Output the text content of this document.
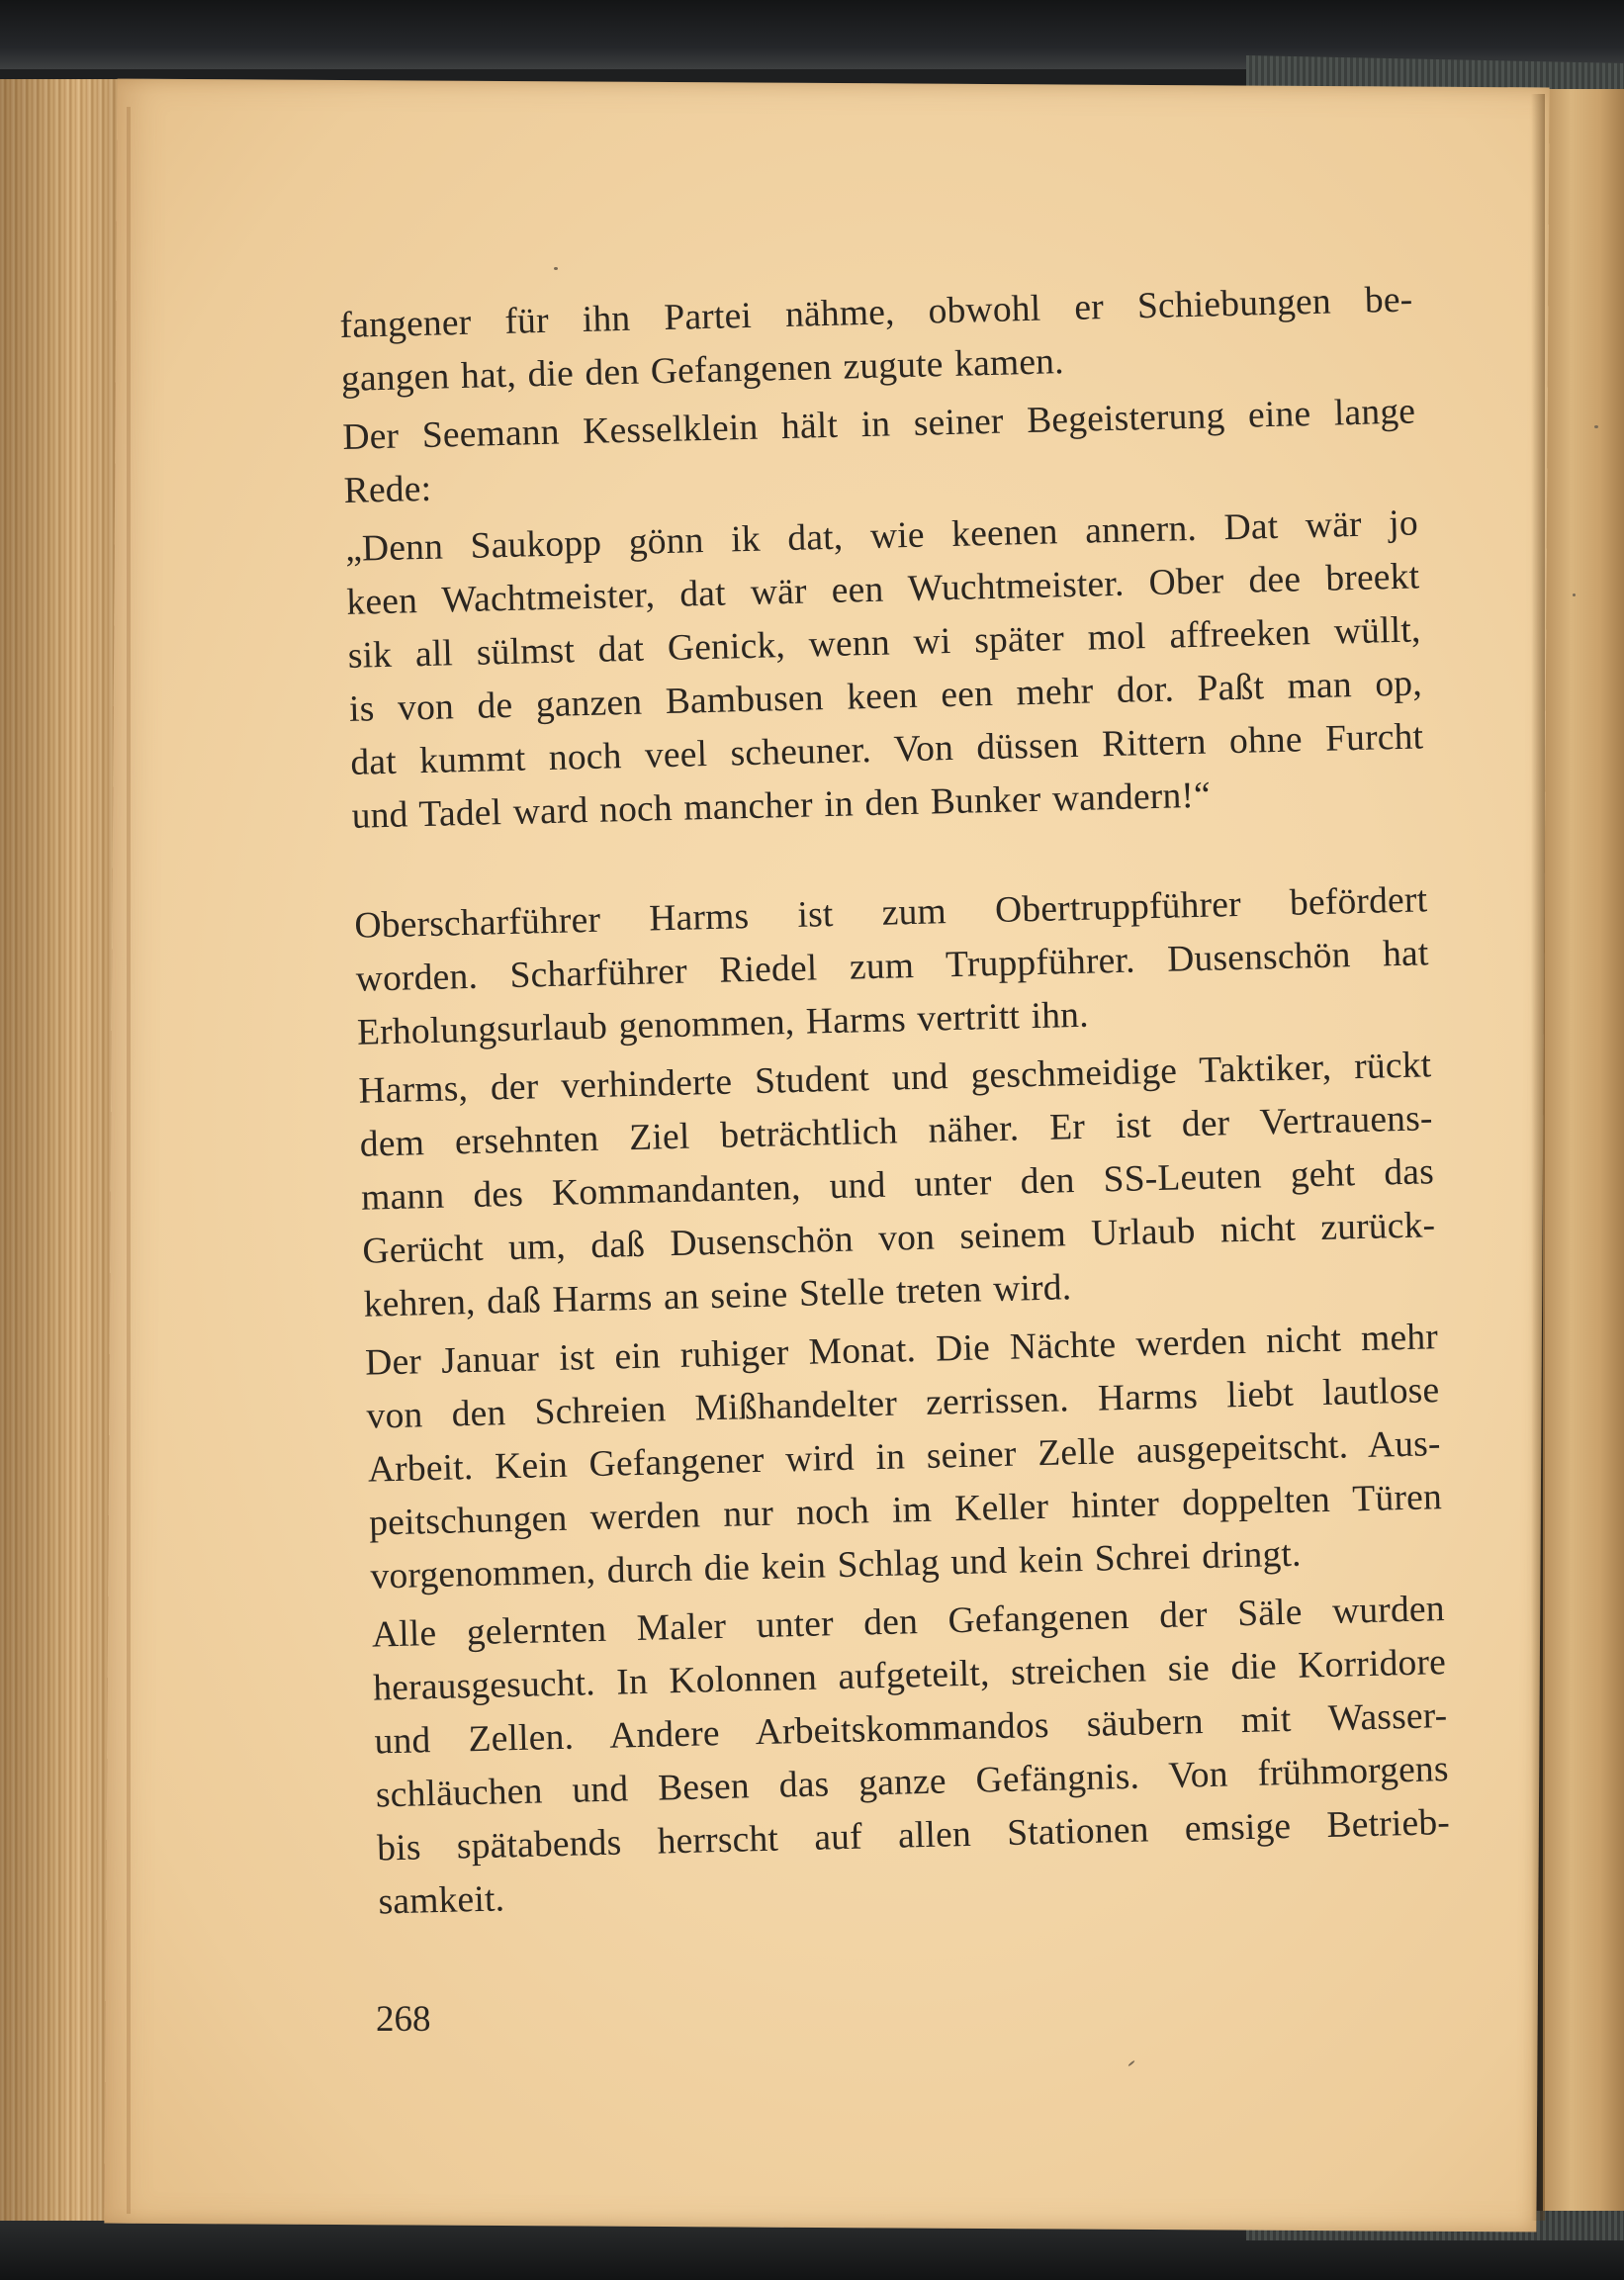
fangener für ihn Partei nähme, obwohl er Schiebungen be-
gangen hat, die den Gefangenen zugute kamen.
Der Seemann Kesselklein hält in seiner Begeisterung eine lange
Rede:
„Denn Saukopp gönn ik dat, wie keenen annern. Dat wär jo
keen Wachtmeister, dat wär een Wuchtmeister. Ober dee breekt
sik all sülmst dat Genick, wenn wi später mol affreeken wüllt,
is von de ganzen Bambusen keen een mehr dor. Paßt man op,
dat kummt noch veel scheuner. Von düssen Rittern ohne Furcht
und Tadel ward noch mancher in den Bunker wandern!“
Oberscharführer Harms ist zum Obertruppführer befördert
worden. Scharführer Riedel zum Truppführer. Dusenschön hat
Erholungsurlaub genommen, Harms vertritt ihn.
Harms, der verhinderte Student und geschmeidige Taktiker, rückt
dem ersehnten Ziel beträchtlich näher. Er ist der Vertrauens-
mann des Kommandanten, und unter den SS-Leuten geht das
Gerücht um, daß Dusenschön von seinem Urlaub nicht zurück-
kehren, daß Harms an seine Stelle treten wird.
Der Januar ist ein ruhiger Monat. Die Nächte werden nicht mehr
von den Schreien Mißhandelter zerrissen. Harms liebt lautlose
Arbeit. Kein Gefangener wird in seiner Zelle ausgepeitscht. Aus-
peitschungen werden nur noch im Keller hinter doppelten Türen
vorgenommen, durch die kein Schlag und kein Schrei dringt.
Alle gelernten Maler unter den Gefangenen der Säle wurden
herausgesucht. In Kolonnen aufgeteilt, streichen sie die Korridore
und Zellen. Andere Arbeitskommandos säubern mit Wasser-
schläuchen und Besen das ganze Gefängnis. Von frühmorgens
bis spätabends herrscht auf allen Stationen emsige Betrieb-
samkeit.
268
